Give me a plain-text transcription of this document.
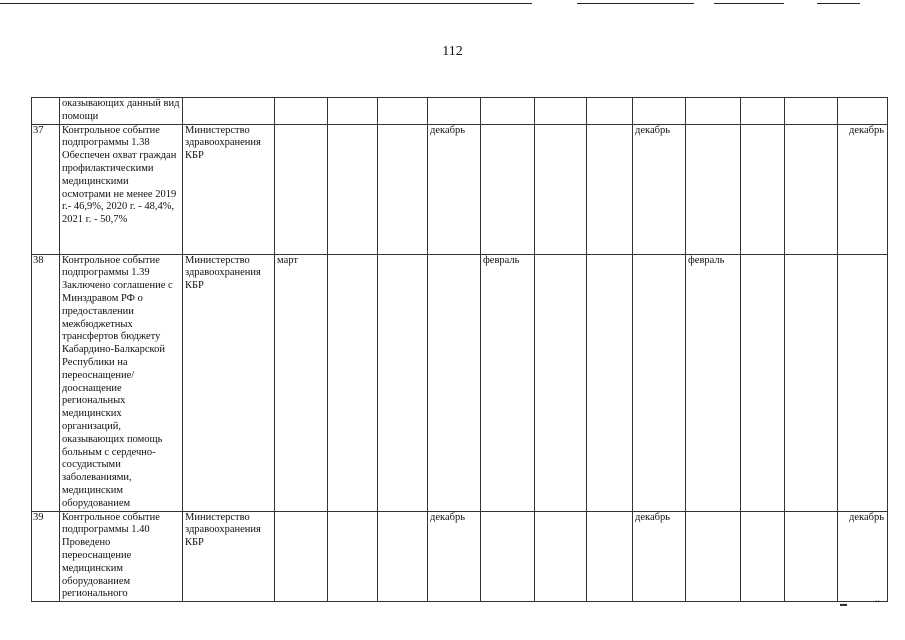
112
	оказывающих данный вид помощи													
37	Контрольное событие подпрограммы 1.38 Обеспечен охват граждан профилактическими медицинскими осмотрами не менее 2019 г.- 46,9%, 2020 г. - 48,4%, 2021 г. - 50,7%	Министерство здравоохранения КБР				декабрь				декабрь				декабрь
38	Контрольное событие подпрограммы 1.39 Заключено соглашение с Минздравом РФ о предоставлении межбюджетных трансфертов бюджету Кабардино-Балкарской Республики на переоснащение/дооснащение региональных медицинских организаций, оказывающих помощь больным с сердечно-сосудистыми заболеваниями, медицинским оборудованием	Министерство здравоохранения КБР	март				февраль				февраль			
39	Контрольное событие подпрограммы 1.40 Проведено переоснащение медицинским оборудованием регионального	Министерство здравоохранения КБР				декабрь				декабрь				декабрь
▬	••
